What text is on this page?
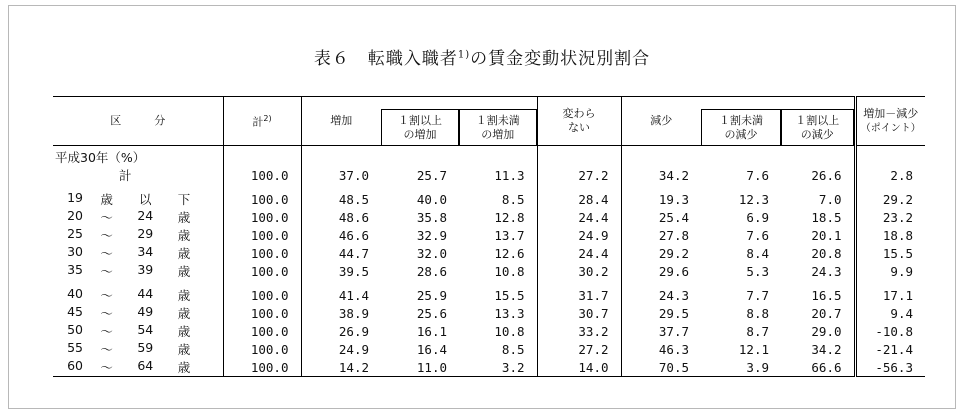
表６　転職入職者$^{1)}$の賃金変動状況別割合
区　　　分	計$^{2)}$	増加	１割以上
の増加	１割未満
の増加	変わら
ない	減少	１割未満
の減少	１割以上
の減少	増加－減少
（ポイント）
平成30年（%）									

計	100.0	37.0	25.7	11.3	27.2	34.2	7.6	26.6	2.8

19 歳 以 下	100.0	48.5	40.0	8.5	28.4	19.3	12.3	7.0	29.2

20 ～ 24 歳	100.0	48.6	35.8	12.8	24.4	25.4	6.9	18.5	23.2

25 ～ 29 歳	100.0	46.6	32.9	13.7	24.9	27.8	7.6	20.1	18.8

30 ～ 34 歳	100.0	44.7	32.0	12.6	24.4	29.2	8.4	20.8	15.5

35 ～ 39 歳	100.0	39.5	28.6	10.8	30.2	29.6	5.3	24.3	9.9

40 ～ 44 歳	100.0	41.4	25.9	15.5	31.7	24.3	7.7	16.5	17.1

45 ～ 49 歳	100.0	38.9	25.6	13.3	30.7	29.5	8.8	20.7	9.4

50 ～ 54 歳	100.0	26.9	16.1	10.8	33.2	37.7	8.7	29.0	-10.8

55 ～ 59 歳	100.0	24.9	16.4	8.5	27.2	46.3	12.1	34.2	-21.4

60 ～ 64 歳	100.0	14.2	11.0	3.2	14.0	70.5	3.9	66.6	-56.3
